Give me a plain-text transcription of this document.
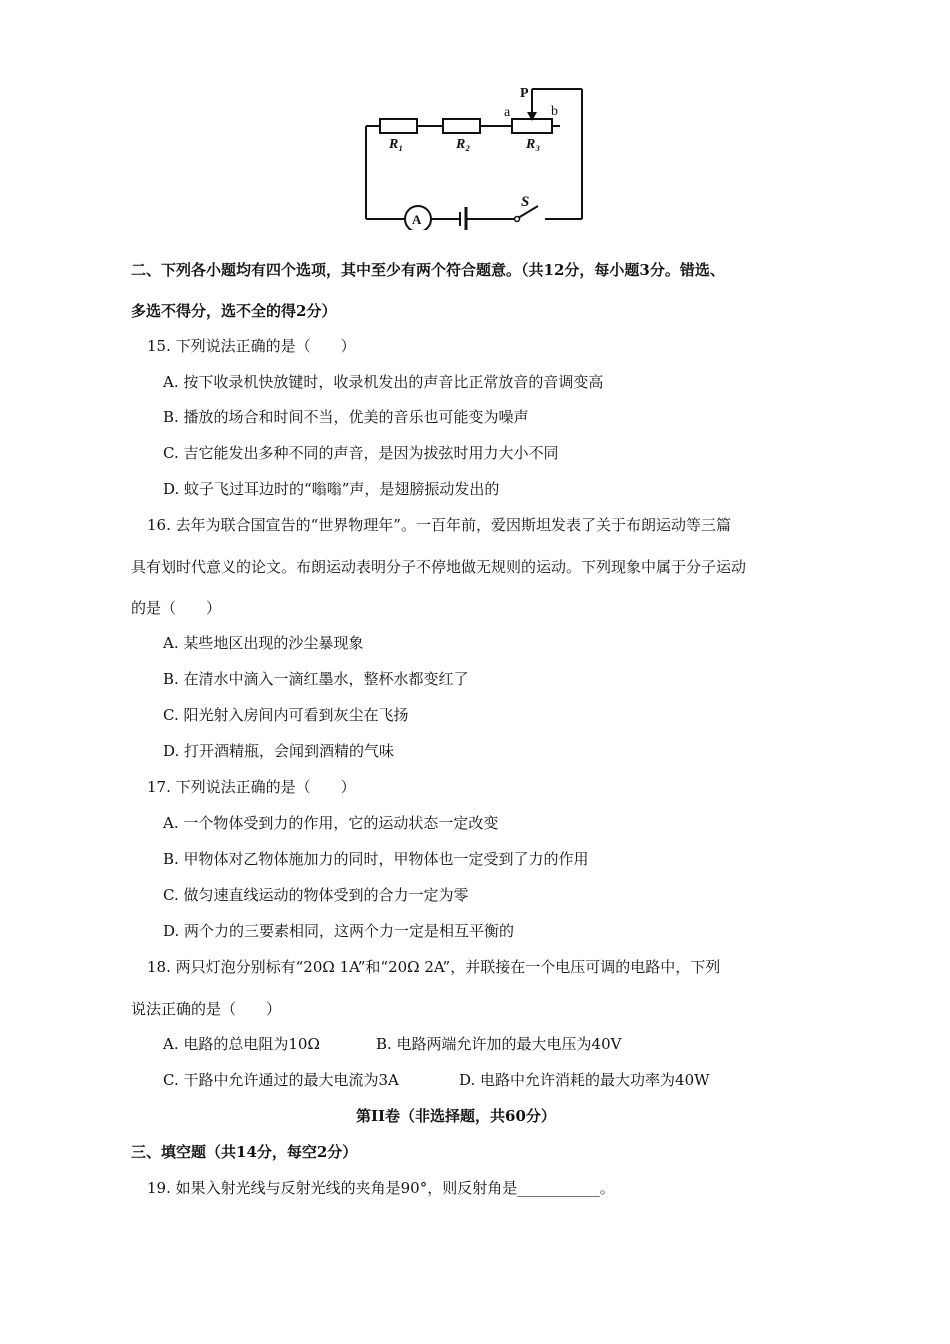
P
a	b
R₁	R₂	R₃
S
A
二、下列各小题均有四个选项，其中至少有两个符合题意。（共12分，每小题3分。错选、
多选不得分，选不全的得2分）
15. 下列说法正确的是（　　）
A. 按下收录机快放键时，收录机发出的声音比正常放音的音调变高
B. 播放的场合和时间不当，优美的音乐也可能变为噪声
C. 吉它能发出多种不同的声音，是因为拔弦时用力大小不同
D. 蚊子飞过耳边时的“嗡嗡”声，是翅膀振动发出的
16. 去年为联合国宣告的“世界物理年”。一百年前，爱因斯坦发表了关于布朗运动等三篇
具有划时代意义的论文。布朗运动表明分子不停地做无规则的运动。下列现象中属于分子运动
的是（　　）
A. 某些地区出现的沙尘暴现象
B. 在清水中滴入一滴红墨水，整杯水都变红了
C. 阳光射入房间内可看到灰尘在飞扬
D. 打开酒精瓶，会闻到酒精的气味
17. 下列说法正确的是（　　）
A. 一个物体受到力的作用，它的运动状态一定改变
B. 甲物体对乙物体施加力的同时，甲物体也一定受到了力的作用
C. 做匀速直线运动的物体受到的合力一定为零
D. 两个力的三要素相同，这两个力一定是相互平衡的
18. 两只灯泡分别标有“20Ω 1A”和“20Ω 2A”，并联接在一个电压可调的电路中，下列
说法正确的是（　　）
A. 电路的总电阻为10Ω	B. 电路两端允许加的最大电压为40V
C. 干路中允许通过的最大电流为3A	D. 电路中允许消耗的最大功率为40W
第II卷（非选择题，共60分）
三、填空题（共14分，每空2分）
19. 如果入射光线与反射光线的夹角是90°，则反射角是___________。
